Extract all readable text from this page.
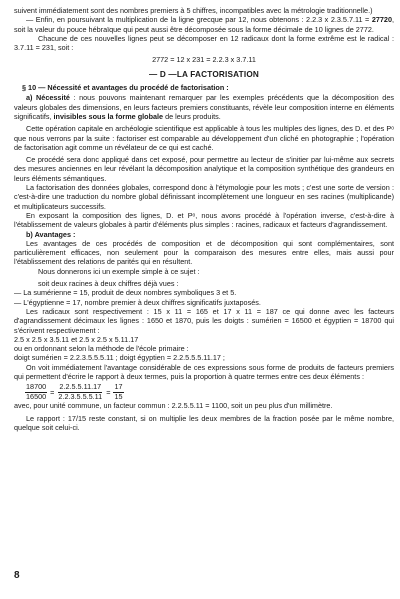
suivent immédiatement sont des nombres premiers à 5 chiffres, incompatibles avec la métrologie traditionnelle.)

— Enfin, en poursuivant la multiplication de la ligne grecque par 12, nous obtenons : 2.2.3 x 2.3.5.7.11 = 27720, soit la valeur du pouce hébraïque qui peut aussi être décomposée sous la forme décimale de 10 lignes de 2772.

Chacune de ces nouvelles lignes peut se décomposer en 12 radicaux dont la forme extrême est le radical : 3.7.11 = 231, soit :

2772 = 12 x 231 = 2.2.3 x 3.7.11

— D —LA FACTORISATION

§ 10 — Nécessité et avantages du procédé de factorisation :

a) Nécessité : nous pouvons maintenant remarquer par les exemples précédents que la décomposition des valeurs globales des dimensions, en leurs facteurs premiers constituants, révèle leur composition interne en éléments significatifs, invisibles sous la forme globale de leurs produits.

Cette opération capitale en archéologie scientifique est applicable à tous les multiples des lignes, des D. et des Pᵒ que nous verrons par la suite : factoriser est comparable au développement d'un cliché en photographie ; l'opération de factorisation agit comme un révélateur de ce qui est caché.

Ce procédé sera donc appliqué dans cet exposé, pour permettre au lecteur de s'initier par lui-même aux secrets des mesures anciennes en leur révélant la décomposition analytique et la composition synthétique des grandeurs en leurs éléments sémantiques.

La factorisation des données globales, correspond donc à l'étymologie pour les mots ; c'est une sorte de version : c'est-à-dire une traduction du nombre global définissant incomplètement une longueur en ses racines (multiplicande) et multiplicateurs successifs.

En exposant la composition des lignes, D. et Pᵒ, nous avons procédé à l'opération inverse, c'est-à-dire à l'établissement de valeurs globales à partir d'éléments plus simples : racines, radicaux et facteurs d'agrandissement.

b) Avantages :

Les avantages de ces procédés de composition et de décomposition qui sont complémentaires, sont particulièrement efficaces, non seulement pour la comparaison des mesures entre elles, mais aussi pour l'établissement des relations de parités qui en résultent.

Nous donnerons ici un exemple simple à ce sujet :

soit deux racines à deux chiffres déjà vues :

— La sumérienne = 15, produit de deux nombres symboliques 3 et 5.

— L'égyptienne = 17, nombre premier à deux chiffres significatifs juxtaposés.

Les radicaux sont respectivement : 15 x 11 = 165 et 17 x 11 = 187 ce qui donne avec les facteurs d'agrandissement décimaux les lignes : 1650 et 1870, puis les doigts : sumérien = 16500 et égyptien = 18700 qui s'écrivent respectivement :

2.5 x 2.5 x 3.5.11 et 2.5 x 2.5 x 5.11.17

ou en ordonnant selon la méthode de l'école primaire :

doigt sumérien = 2.2.3.5.5.5.11 ; doigt égyptien = 2.2.5.5.5.11.17 ;

On voit immédiatement l'avantage considérable de ces expressions sous forme de produits de facteurs premiers qui permettent d'écrire le rapport à deux termes, puis la proportion à quatre termes entre ces deux éléments :

$\frac{18700}{16500} = \frac{2.2.5.5.11.17}{2.2.3.5.5.5.11} = \frac{17}{15}$

avec, pour unité commune, un facteur commun : 2.2.5.5.11 = 1100, soit un peu plus d'un millimètre.

Le rapport : 17/15 reste constant, si on multiplie les deux membres de la fraction posée par le même nombre, quelque soit celui-ci.

8
